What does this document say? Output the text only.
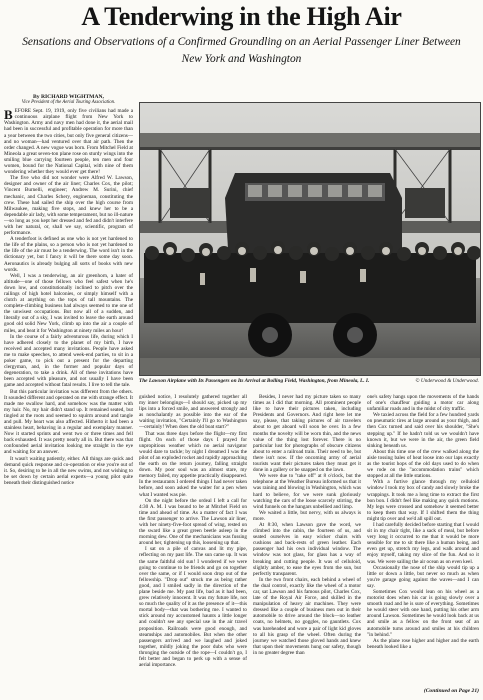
A Tenderwing in the High Air
Sensations and Observations of a Confirmed Groundling on an Aerial Passenger Liner Between New York and Washington
By RICHARD WIGHTMAN,
Vice President of the Aerial Touring Association.

BEFORE Sept. 19, 1919, only five civilians had made a continuous airplane flight from New York to Washington. Army and navy men had done it, the aerial mail had been in successful and profitable operation for more than a year between the two cities, but only five general citizens—and no woman—had ventured over that air path. Then the order changed. A new vogue was born. From Mitchel Field at Mineola a great seven-ton plane rose on sturdy wings into the smiling blue carrying fourteen people, ten men and four women, bound for the National Capital, with nine of them wondering whether they would ever get there!

The five who did not wonder were Alfred W. Lawson, designer and owner of the air liner; Charles Cox, the pilot; Vincent Burnelli, engineer; Andrew M. Surini, chief mechanic, and Charles Schery, engineman, constituting the crew. These had sailed the ship over the high course from Milwaukee, making five stops, and knew her to be a dependable air lady, with some temperament, but no ill-nature—so long as you kept her dressed and fed and didn't interfere with her natural, or, shall we say, scientific, program of performance.

A tenderfoot is defined as one who is not yet hardened to the life of the plains, so a person who is not yet hardened to the life of the air must be a tenderwing. The word isn't in the dictionary yet, but I fancy it will be there some day soon. Aeronautics is already bulging all sorts of books with new words.

Well, I was a tenderwing, an air greenhorn, a hater of altitude—one of those fellows who feel safest when he's down low, and constitutionally inclined to pitch over the railings of high hotel balconies, or simply himself with a clutch at anything on the tops of tall mountains. The complete-climbing business had always seemed to me one of the unwisest occupations. But now all of a sudden, and literally out of a sky, I was invited to leave the earth around good old solid New York, climb up into the air a couple of miles, and beat it for Washington at ninety miles an hour!

In the course of a fairly adventurous life, during which I have adhered closely to the planet of my birth, I have received and accepted many invitations. People have asked me to make speeches, to attend week-end parties, to sit in a poker game, to pick out a present for the departing clergyman, and, in the former and popular days of degeneration, to take a drink. All of these invitations have been accepted with pleasure, and not usually I have been game and accepted without fatal results. I live to tell the tale.

But this particular invitation was different from the others. It sounded different and operated on me with strange effect. It made me swallow hard, and somehow was the matter with my hair. No, my hair didn't stand up. It remained seated, but tingled at the roots and seemed to squirm around and tangle and pull. My heart was also affected. Hitherto it had been a stainless heart, behaving in a regular and exemplary manner. Now it started sprints and went two or three times and fell back exhausted. It was pretty nearly all in. But there was that confounded aerial invitation looking me straight in the eye and waiting for an answer.

It wasn't waiting patiently, either. All things are quick and demand quick response and co-operation or else you're out of it. So, desiring to be in all the new swims, and not wishing to be set down by certain aerial experts—a young pilot quite beneath their distinguished notice

© Underwood & Underwood.
The Lawson Airplane with Its Passengers on Its Arrival at Bolling Field, Washington, from Mineola, L. I.

guished notice, I resolutely gathered together all my inner belongings—I should say, picked up my lips into a forced smile, and answered strongly and as nonchalantly as possible into the ear of the waiting invitation, "Certainly I'll go to Washington—certainly! When does the old boat start?"

That was three days before the flight—my first flight. On each of those days I prayed for unpropitious weather which no aerial navigator would dare to tackle; by night I dreamed I was the pilot of an exploded rocket and rapidly approaching the earth on the return journey, falling straight down. My poor soul was an almost stare, my memory failed, my appetite practically disappeared. In the restaurants I ordered things I had never taken before, and soon asked the waiter for a pen when what I wanted was pie.

On the night before the ordeal I left a call for 4:30 A. M. I was bound to be at Mitchel Field on time and ahead of time. As a matter of fact I was the first passenger to arrive. The Lawson air liner, with her ninety-five-foot spread of wing, rested on the sward like a great green beetle asleep in the morning dew. One of the mechanicians was fussing around her, tightening up this, loosening up that.

I sat on a pile of canvas and lit my pipe, reflecting on my past life. The sun came up. It was the same faithful old sun! I wondered if we were going to continue to be friends and go on together over the same, or if I would soon drop out of the fellowship. "Drop out" struck me as being rather good, and I smiled sadly in the direction of the plane beside me. My past life, bad as it had been, grew relatively innocent. It was my future life, not so much the quality of it as the presence of it—this mortal body—that was bothering me. I wanted to stick around my accustomed haunts a little longer and couldn't see any special use in the air travel proposition. Railroads were good enough, and steamships and automobiles. But when the other passengers arrived and we laughed and joked together, mildly joking the poor dubs who were thronging the outside of the rope—I couldn't go, I felt better and began to perk up with a sense of aerial importance.

Besides, I never had my picture taken so many times as I did that morning. All prominent people like to have their pictures taken, including Presidents and Governors. And right here let me say, please, that taking pictures of air travelers about to get aboard will soon be over. In a few months the novelty will be worn thin, and the news value of the thing lost forever. There is no particular lust for photographs of obscure citizens about to enter a railroad train. Their need to be, but there isn't now. If the oncoming army of aerial tourists want their pictures taken they must get it done in a gallery or be snapped on the lawn.

We were due to "take off" at 8 o'clock, but the telephone at the Weather Bureau informed us that it was raining and blowing in Washington, which was hard to believe, for we were sunk gloriously watching the cars of the loose scarcely stirring, the wind funnels on the hangars unbellied and limp.

We waited a little, but nervy, with us always is more.

At 8:30, when Lawson gave the word, we climbed into the cabin, the fourteen of us, and seated ourselves in easy wicker chairs with cushions and back-rests of green leather. Each passenger had his own individual window. The window was not glass, for glass has a way of breaking and cutting people. It was of celluloid, slightly amber, to ease the eyes from the sun, but perfectly transparent.

In the two front chairs, each behind a wheel of the dual control, exactly like the wheel of a motor car, sat Lawson and his famous pilot, Charles Cox, late of the Royal Air Force, and skilled in the manipulation of heavy air machines. They were dressed like a couple of business men out in their automobile to drive around the block—no leather coats, no helmets, no goggles, no gauntlets. Cox was bareheaded and wore a pair of light kid gloves to all his grasp of the wheel. Often during the journey we watched those gloved hands and knew that upon their movements hung our safety, though in no greater degree than

one's safety hangs upon the movements of the hands of one's chauffeur guiding a motor car along unfamiliar roads and in the midst of city traffic.

We taxied across the field for a few hundred yards on pneumatic tires at large around as your thigh, and then Cox turned and said over his shoulder, "She's stepping up." If he hadn't told us we wouldn't have known it, but we were in the air, the green field sinking beneath us.

About this time one of the crew walked along the aisle tossing bales of heat loose into our laps exactly as the tourist hops of the old days used to do when we rode on the "accommodation trains" which stopped at all the little stations.

With a furtive glance through my celluloid window I took my box of candy and slowly broke the wrappings. It took me a long time to extract the first bon bon. I didn't feel like making any quick motions. My legs were crossed and somehow it seemed better to keep them that way. If I shifted them the thing might tip over and we'd all spill out.

I had carefully decided before starting that I would sit in my chair tight, like a sack of meal, but before very long it occurred to me that it would be more sensible for me to sit there like a human being, and even get up, stretch my legs, and walk around and enjoy myself, taking my slice of the fun. And so it was. We were sailing the air ocean as on even keel.

Occasionally the nose of the ship would tip up a little or down a little, but never so much as when you're garage going against the waves—and I can say.

Sometimes Cox would lean on his wheel as a motorist does when his car is going slowly over a smooth road and he is sure of everything. Sometimes he would steer with one hand, putting his other arm around Lawson. Sometimes he would look back at us and smile as a fellow on the front seat of an automobile turns around and smiles at his children "in behind."

As the plane rose higher and higher and the earth beneath looked like a

(Continued on Page 21)
